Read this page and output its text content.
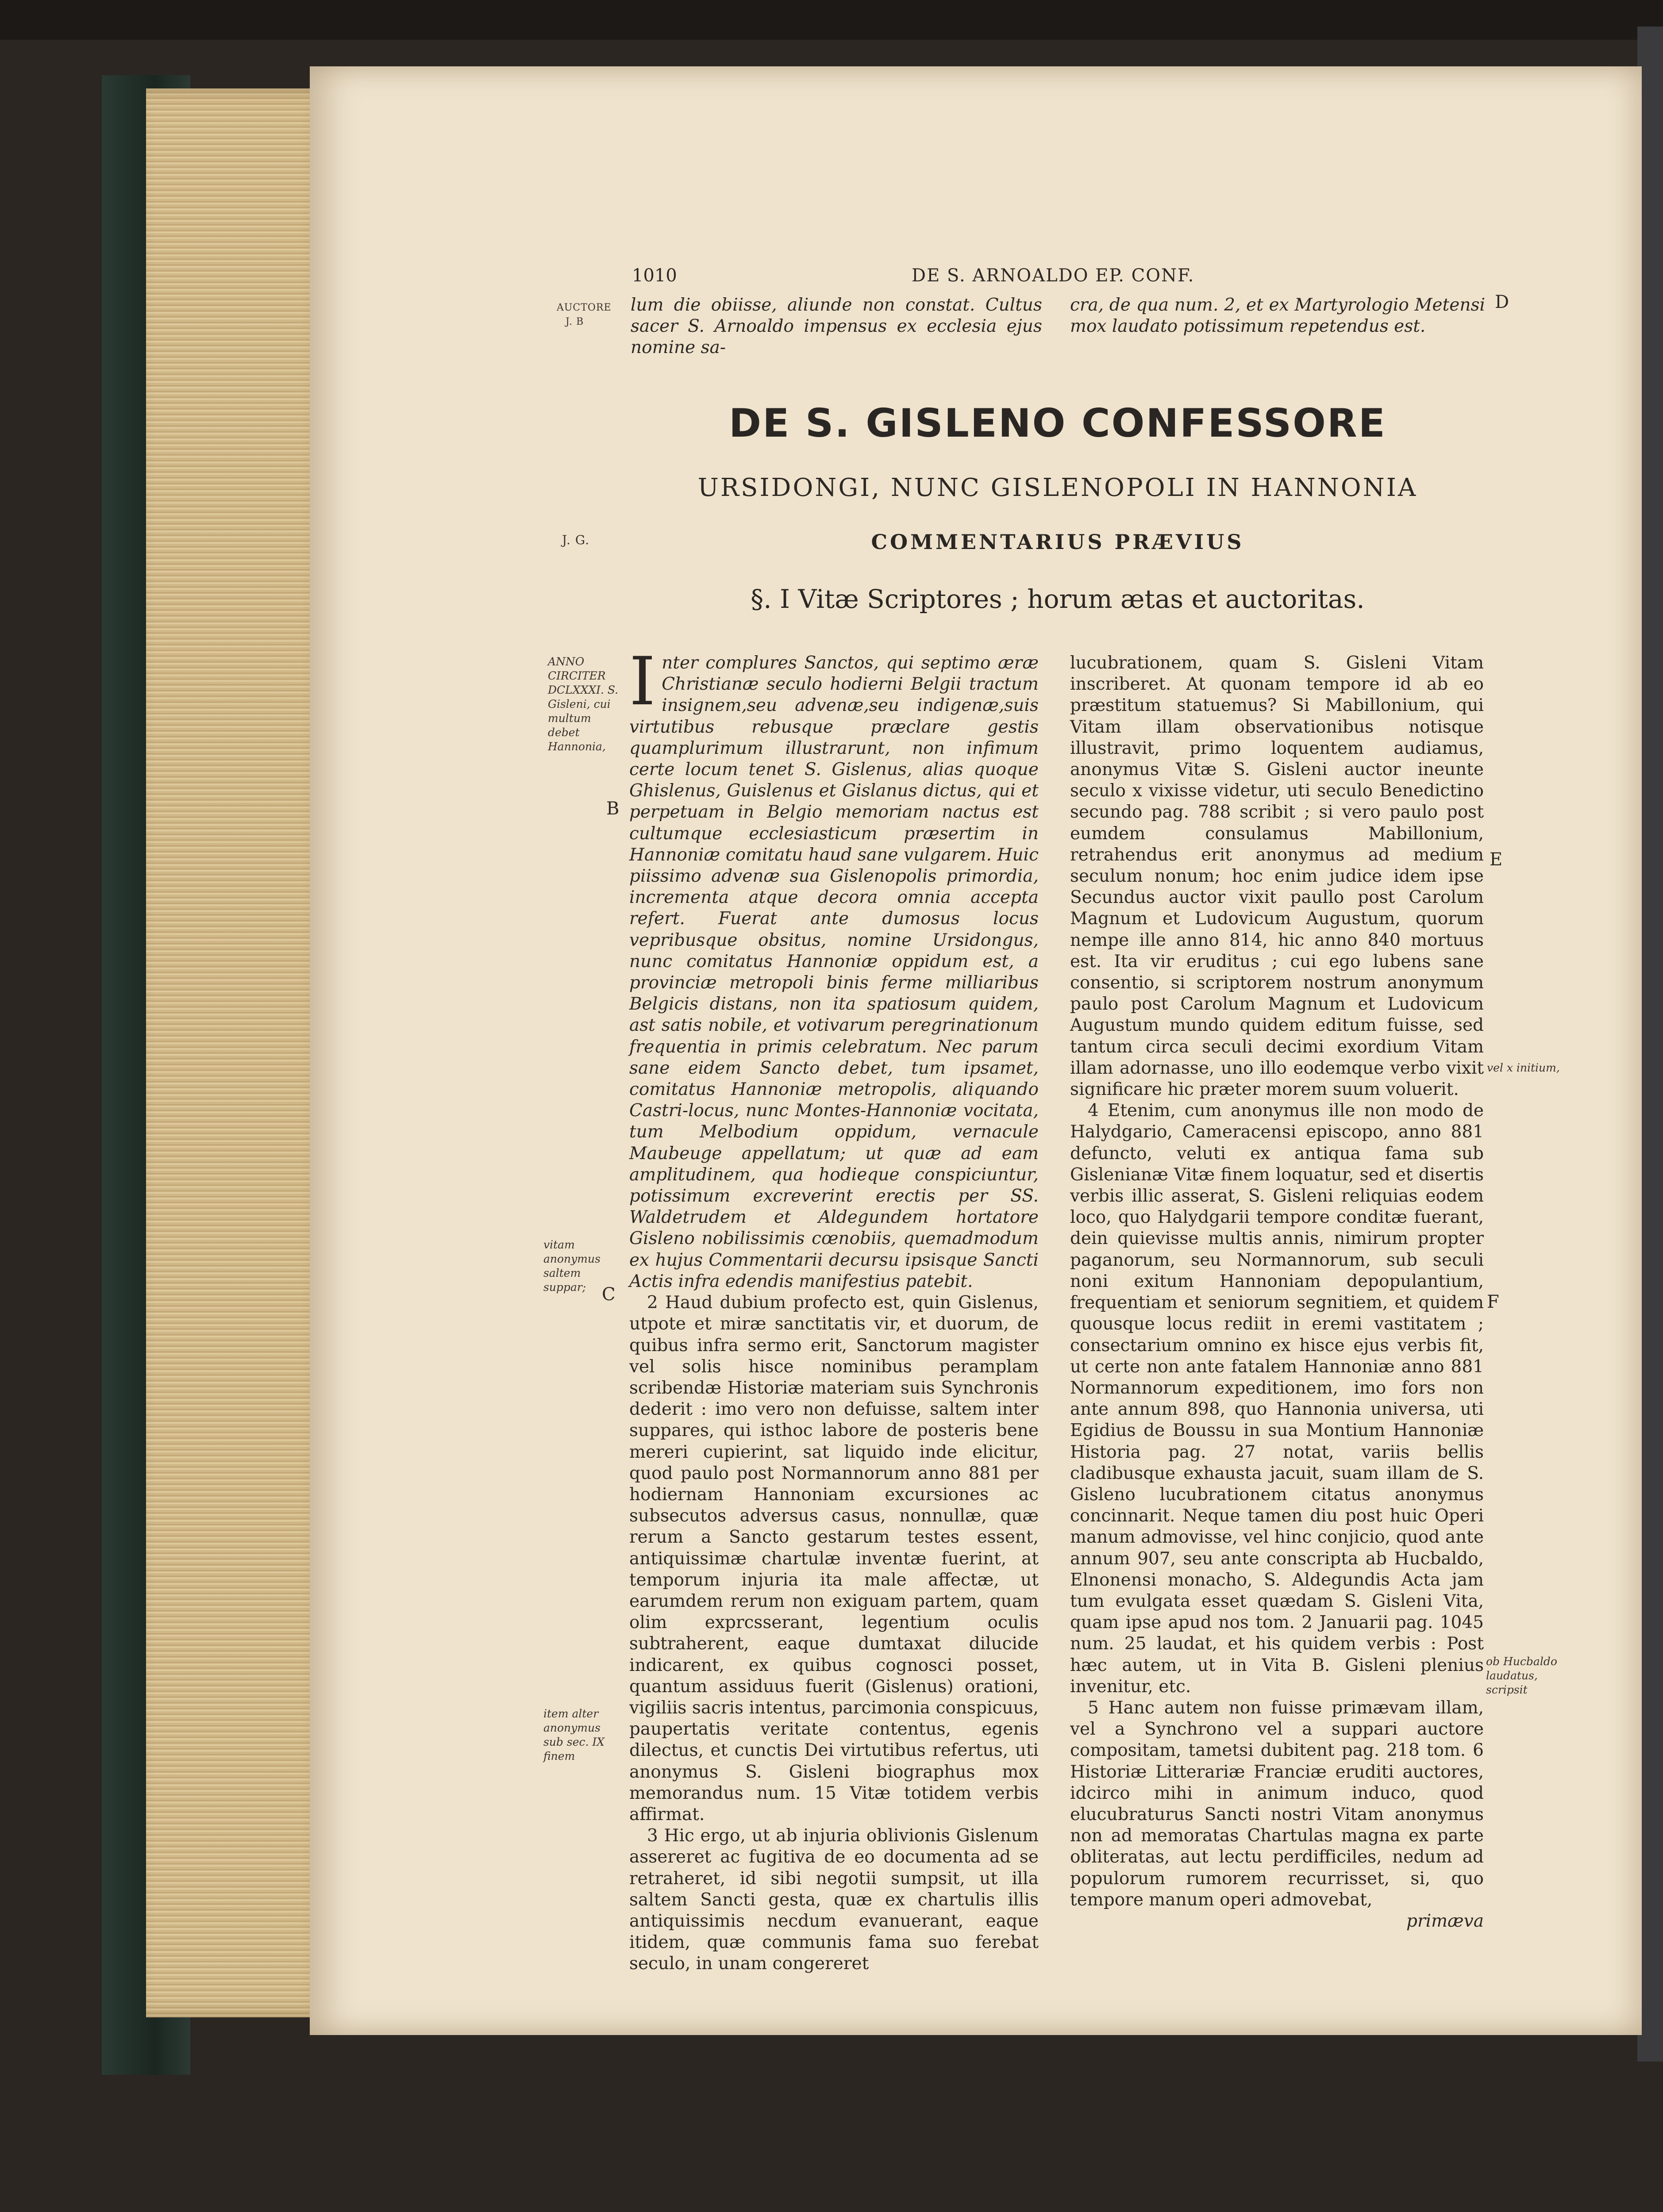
1010	DE S. ARNOALDO EP. CONF.
AUCTORE
J. B
D
lum die obiisse, aliunde non constat. Cultus sacer S. Arnoaldo impensus ex ecclesia ejus nomine sa-
cra, de qua num. 2, et ex Martyrologio Metensi mox laudato potissimum repetendus est.
DE S. GISLENO CONFESSORE
URSIDONGI, NUNC GISLENOPOLI IN HANNONIA
J. G.	COMMENTARIUS PRÆVIUS
§. I Vitæ Scriptores ; horum ætas et auctoritas.
ANNO CIRCITER DCLXXXI. S. Gisleni, cui multum debet Hannonia,
B
vitam anonymus saltem suppar; C
item alter anonymus sub sec. IX finem
E
vel x initium,
F
ob Hucbaldo laudatus, scripsit

Inter complures Sanctos, qui septimo æræ Christianæ seculo hodierni Belgii tractum insignem,seu advenæ,seu indigenæ,suis virtutibus rebusque præclare gestis quamplurimum illustrarunt, non infimum certe locum tenet S. Gislenus, alias quoque Ghislenus, Guislenus et Gislanus dictus, qui et perpetuam in Belgio memoriam nactus est cultumque ecclesiasticum præsertim in Hannoniæ comitatu haud sane vulgarem. Huic piissimo advenæ sua Gislenopolis primordia, incrementa atque decora omnia accepta refert. Fuerat ante dumosus locus vepribusque obsitus, nomine Ursidongus, nunc comitatus Hannoniæ oppidum est, a provinciæ metropoli binis ferme milliaribus Belgicis distans, non ita spatiosum quidem, ast satis nobile, et votivarum peregrinationum frequentia in primis celebratum. Nec parum sane eidem Sancto debet, tum ipsamet, comitatus Hannoniæ metropolis, aliquando Castri-locus, nunc Montes-Hannoniæ vocitata, tum Melbodium oppidum, vernacule Maubeuge appellatum; ut quæ ad eam amplitudinem, qua hodieque conspiciuntur, potissimum excreverint erectis per SS. Waldetrudem et Aldegundem hortatore Gisleno nobilissimis cœnobiis, quemadmodum ex hujus Commentarii decursu ipsisque Sancti Actis infra edendis manifestius patebit.

2 Haud dubium profecto est, quin Gislenus, utpote et miræ sanctitatis vir, et duorum, de quibus infra sermo erit, Sanctorum magister vel solis hisce nominibus peramplam scribendæ Historiæ materiam suis Synchronis dederit : imo vero non defuisse, saltem inter suppares, qui isthoc labore de posteris bene mereri cupierint, sat liquido inde elicitur, quod paulo post Normannorum anno 881 per hodiernam Hannoniam excursiones ac subsecutos adversus casus, nonnullæ, quæ rerum a Sancto gestarum testes essent, antiquissimæ chartulæ inventæ fuerint, at temporum injuria ita male affectæ, ut earumdem rerum non exiguam partem, quam olim exprcsserant, legentium oculis subtraherent, eaque dumtaxat dilucide indicarent, ex quibus cognosci posset, quantum assiduus fuerit (Gislenus) orationi, vigiliis sacris intentus, parcimonia conspicuus, paupertatis veritate contentus, egenis dilectus, et cunctis Dei virtutibus refertus, uti anonymus S. Gisleni biographus mox memorandus num. 15 Vitæ totidem verbis affirmat.

3 Hic ergo, ut ab injuria oblivionis Gislenum assereret ac fugitiva de eo documenta ad se retraheret, id sibi negotii sumpsit, ut illa saltem Sancti gesta, quæ ex chartulis illis antiquissimis necdum evanuerant, eaque itidem, quæ communis fama suo ferebat seculo, in unam congereret

lucubrationem, quam S. Gisleni Vitam inscriberet. At quonam tempore id ab eo præstitum statuemus? Si Mabillonium, qui Vitam illam observationibus notisque illustravit, primo loquentem audiamus, anonymus Vitæ S. Gisleni auctor ineunte seculo x vixisse videtur, uti seculo Benedictino secundo pag. 788 scribit ; si vero paulo post eumdem consulamus Mabillonium, retrahendus erit anonymus ad medium seculum nonum; hoc enim judice idem ipse Secundus auctor vixit paullo post Carolum Magnum et Ludovicum Augustum, quorum nempe ille anno 814, hic anno 840 mortuus est. Ita vir eruditus ; cui ego lubens sane consentio, si scriptorem nostrum anonymum paulo post Carolum Magnum et Ludovicum Augustum mundo quidem editum fuisse, sed tantum circa seculi decimi exordium Vitam illam adornasse, uno illo eodemque verbo vixit significare hic præter morem suum voluerit.

4 Etenim, cum anonymus ille non modo de Halydgario, Cameracensi episcopo, anno 881 defuncto, veluti ex antiqua fama sub Gislenianæ Vitæ finem loquatur, sed et disertis verbis illic asserat, S. Gisleni reliquias eodem loco, quo Halydgarii tempore conditæ fuerant, dein quievisse multis annis, nimirum propter paganorum, seu Normannorum, sub seculi noni exitum Hannoniam depopulantium, frequentiam et seniorum segnitiem, et quidem quousque locus rediit in eremi vastitatem ; consectarium omnino ex hisce ejus verbis fit, ut certe non ante fatalem Hannoniæ anno 881 Normannorum expeditionem, imo fors non ante annum 898, quo Hannonia universa, uti Egidius de Boussu in sua Montium Hannoniæ Historia pag. 27 notat, variis bellis cladibusque exhausta jacuit, suam illam de S. Gisleno lucubrationem citatus anonymus concinnarit. Neque tamen diu post huic Operi manum admovisse, vel hinc conjicio, quod ante annum 907, seu ante conscripta ab Hucbaldo, Elnonensi monacho, S. Aldegundis Acta jam tum evulgata esset quædam S. Gisleni Vita, quam ipse apud nos tom. 2 Januarii pag. 1045 num. 25 laudat, et his quidem verbis : Post hæc autem, ut in Vita B. Gisleni plenius invenitur, etc.

5 Hanc autem non fuisse primævam illam, vel a Synchrono vel a suppari auctore compositam, tametsi dubitent pag. 218 tom. 6 Historiæ Litterariæ Franciæ eruditi auctores, idcirco mihi in animum induco, quod elucubraturus Sancti nostri Vitam anonymus non ad memoratas Chartulas magna ex parte obliteratas, aut lectu perdifficiles, nedum ad populorum rumorem recurrisset, si, quo tempore manum operi admovebat,

primæva
